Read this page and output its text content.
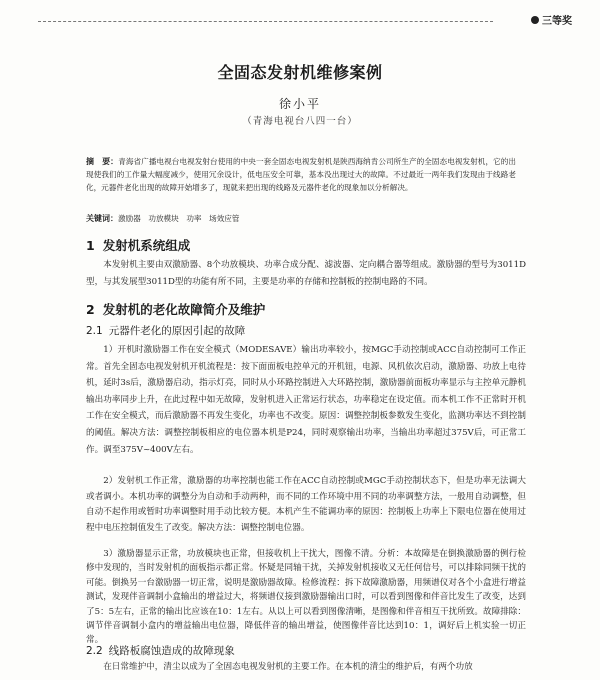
三等奖
全固态发射机维修案例
徐小平
（青海电视台八四一台）
摘　要：青海省广播电视台电视发射台使用的中央一套全固态电视发射机是陕西海纳肯公司所生产的全固态电视发射机，它的出现使我们的工作量大幅度减少，使用冗余设计，低电压安全可靠，基本没出现过大的故障。不过最近一两年我们发现由于线路老化，元器件老化出现的故障开始增多了，现就来把出现的线路及元器件老化的现象加以分析解决。
关键词：激励器　功放模块　功率　场效应管
1 发射机系统组成

本发射机主要由双激励器、8个功放模块、功率合成分配、滤波器、定向耦合器等组成。激励器的型号为3011D型，与其发展型3011D型的功能有所不同，主要是功率的存储和控制板的控制电路的不同。

2 发射机的老化故障简介及维护
2.1 元器件老化的原因引起的故障

1）开机时激励器工作在安全模式（MODESAVE）输出功率较小，按MGC手动控制或ACC自动控制可工作正常。首先全固态电视发射机开机流程是：按下面面板电控单元的开机钮，电源、风机依次启动，激励器、功放上电待机，延时3s后，激励器启动，指示灯亮，同时从小环路控制进入大环路控制，激励器前面板功率显示与主控单元静机输出功率同步上升，在此过程中如无故障，发射机进入正常运行状态，功率稳定在设定值。而本机工作不正常时开机工作在安全模式，而后激励器不再发生变化，功率也不改变。原因：调整控制板参数发生变化，监测功率达不到控制的阈值。解决方法：调整控制板相应的电位器本机是P24，同时观察输出功率，当输出功率超过375V后，可正常工作。调至375V~400V左右。

2）发射机工作正常，激励器的功率控制也能工作在ACC自动控制或MGC手动控制状态下，但是功率无法调大或者调小。本机功率的调整分为自动和手动两种，而不同的工作环境中用不同的功率调整方法，一般用自动调整，但自动不起作用或暂时功率调整时用手动比较方便。本机产生不能调功率的原因：控制板上功率上下限电位器在使用过程中电压控制值发生了改变。解决方法：调整控制电位器。

3）激励器显示正常，功放模块也正常，但接收机上干扰大，图像不清。分析：本故障是在倒换激励器的例行检修中发现的，当时发射机的面板指示都正常。怀疑是同轴干扰，关掉发射机接收又无任何信号，可以排除同频干扰的可能。倒换另一台激励器一切正常，说明是激励器故障。检修流程：拆下故障激励器，用频谱仪对各个小盒进行增益测试，发现伴音调制小盒输出的增益过大，将频谱仪接到激励器输出口时，可以看到图像和伴音比发生了改变，达到了5：5左右，正常的输出比应该在10：1左右。从以上可以看到图像清晰，是图像和伴音相互干扰所致。故障排除：调节伴音调制小盒内的增益输出电位器，降低伴音的输出增益，使图像伴音比达到10：1，调好后上机实验一切正常。

2.2 线路板腐蚀造成的故障现象

在日常维护中，清尘以成为了全固态电视发射机的主要工作。在本机的清尘的维护后，有两个功放
